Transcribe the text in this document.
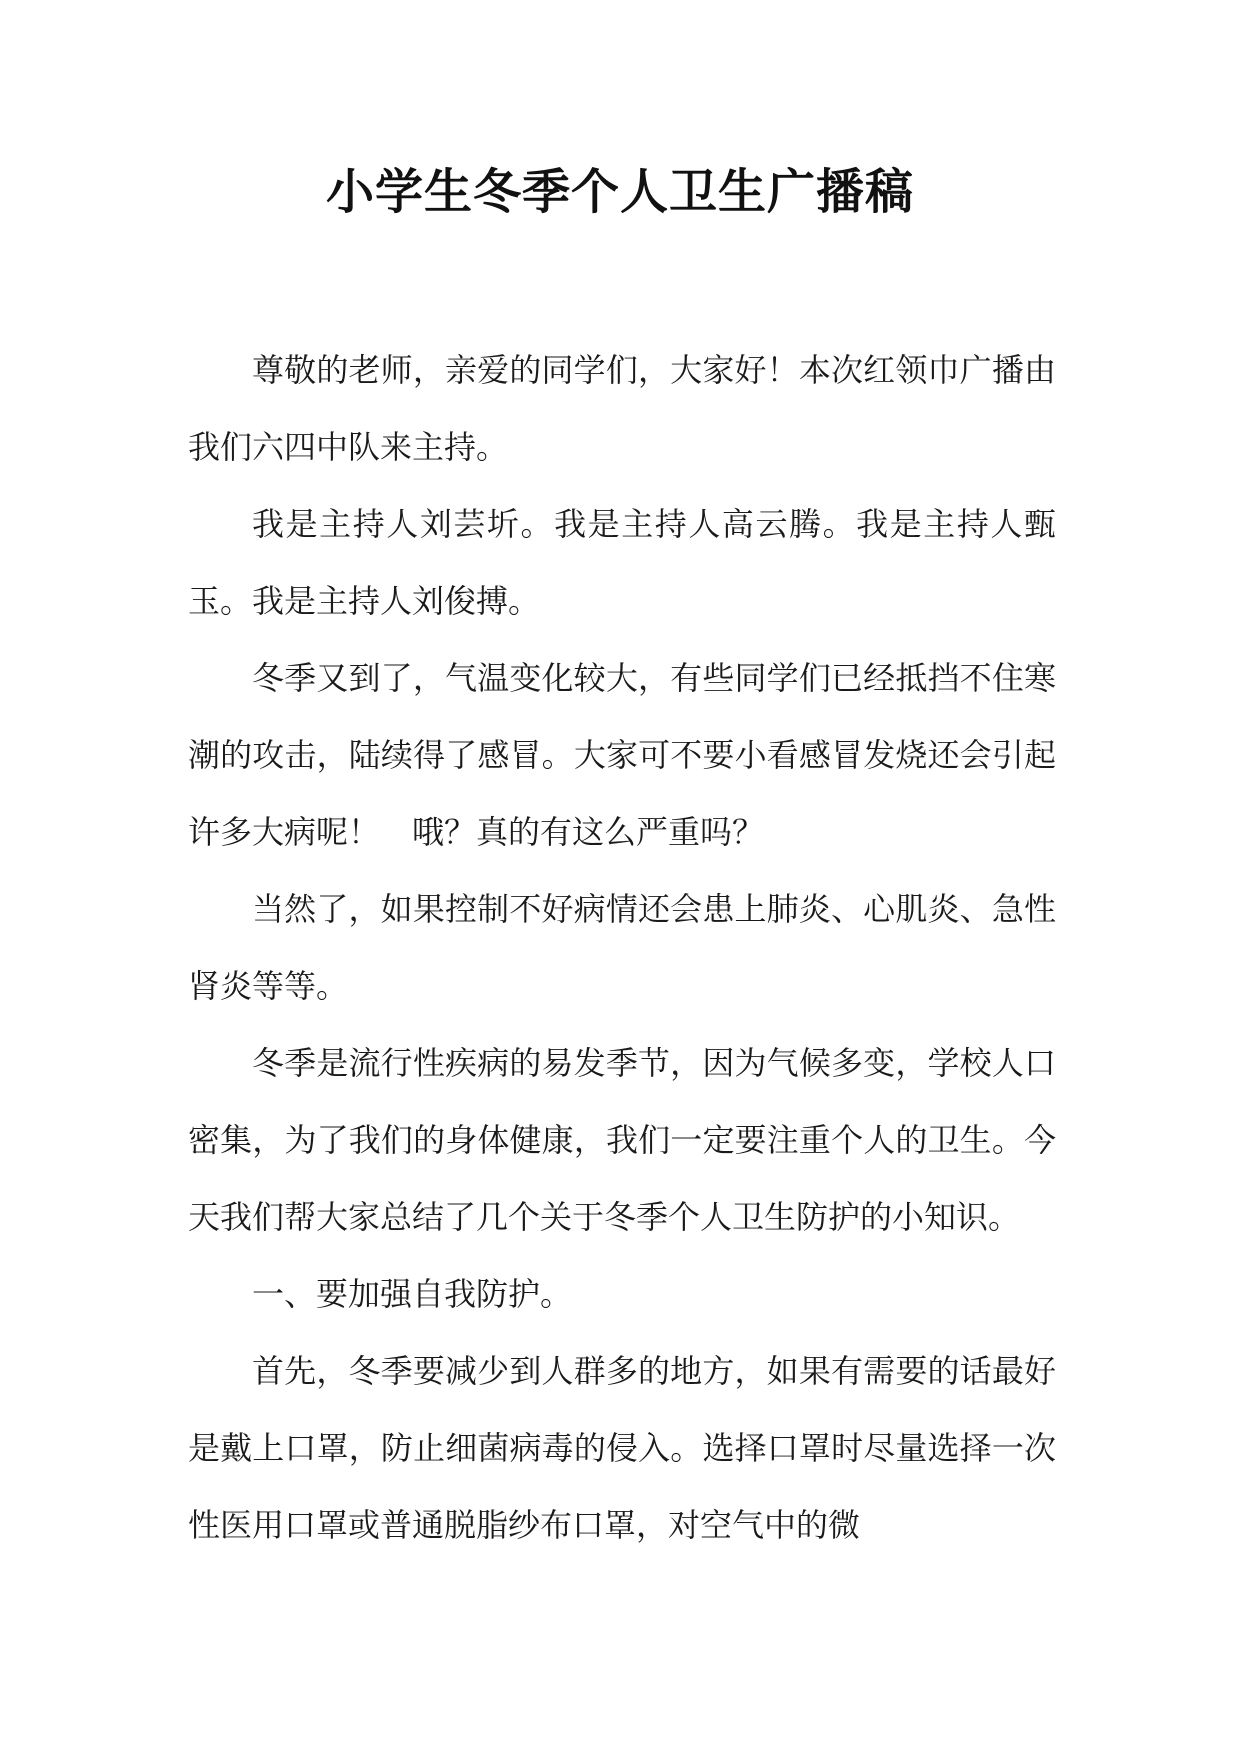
小学生冬季个人卫生广播稿

尊敬的老师，亲爱的同学们，大家好！本次红领巾广播由我们六四中队来主持。

我是主持人刘芸圻。我是主持人高云腾。我是主持人甄玉。我是主持人刘俊搏。

冬季又到了，气温变化较大，有些同学们已经抵挡不住寒潮的攻击，陆续得了感冒。大家可不要小看感冒发烧还会引起许多大病呢！　哦？真的有这么严重吗？

当然了，如果控制不好病情还会患上肺炎、心肌炎、急性肾炎等等。

冬季是流行性疾病的易发季节，因为气候多变，学校人口密集，为了我们的身体健康，我们一定要注重个人的卫生。今天我们帮大家总结了几个关于冬季个人卫生防护的小知识。

一、要加强自我防护。

首先，冬季要减少到人群多的地方，如果有需要的话最好是戴上口罩，防止细菌病毒的侵入。选择口罩时尽量选择一次性医用口罩或普通脱脂纱布口罩，对空气中的微
